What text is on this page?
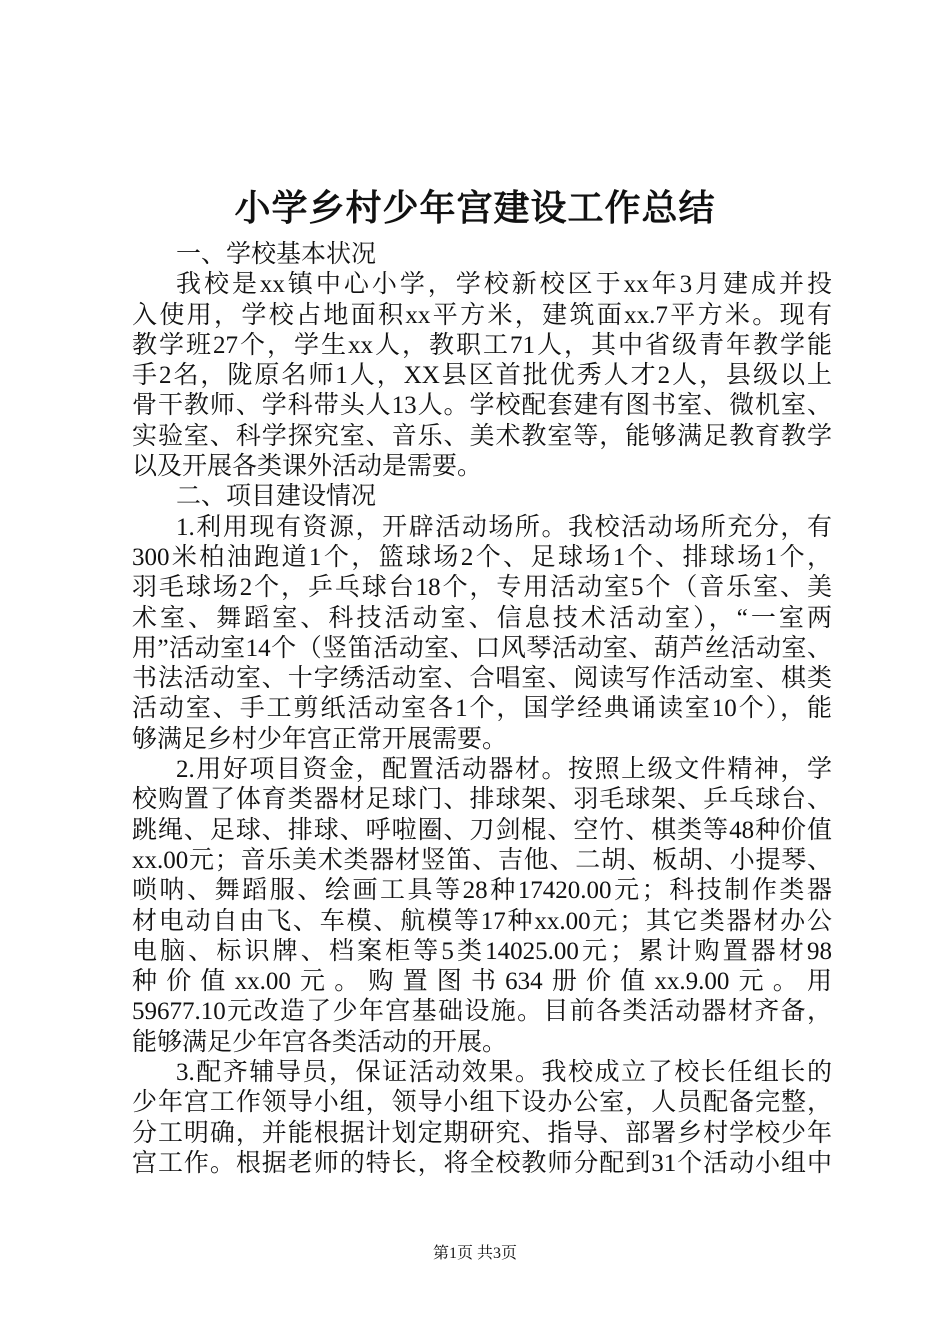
小学乡村少年宫建设工作总结
一、学校基本状况
我校是xx镇中心小学，学校新校区于xx年3月建成并投
入使用，学校占地面积xx平方米，建筑面xx.7平方米。现有
教学班27个，学生xx人，教职工71人，其中省级青年教学能
手2名，陇原名师1人，XX县区首批优秀人才2人，县级以上
骨干教师、学科带头人13人。学校配套建有图书室、微机室、
实验室、科学探究室、音乐、美术教室等，能够满足教育教学
以及开展各类课外活动是需要。
二、项目建设情况
1.利用现有资源，开辟活动场所。我校活动场所充分，有
300米柏油跑道1个，篮球场2个、足球场1个、排球场1个，
羽毛球场2个，乒乓球台18个，专用活动室5个（音乐室、美
术室、舞蹈室、科技活动室、信息技术活动室），“一室两
用”活动室14个（竖笛活动室、口风琴活动室、葫芦丝活动室、
书法活动室、十字绣活动室、合唱室、阅读写作活动室、棋类
活动室、手工剪纸活动室各1个，国学经典诵读室10个），能
够满足乡村少年宫正常开展需要。
2.用好项目资金，配置活动器材。按照上级文件精神，学
校购置了体育类器材足球门、排球架、羽毛球架、乒乓球台、
跳绳、足球、排球、呼啦圈、刀剑棍、空竹、棋类等48种价值
xx.00元；音乐美术类器材竖笛、吉他、二胡、板胡、小提琴、
唢呐、舞蹈服、绘画工具等28种17420.00元；科技制作类器
材电动自由飞、车模、航模等17种xx.00元；其它类器材办公
电脑、标识牌、档案柜等5类14025.00元；累计购置器材98
种价值xx.00元。购置图书634册价值xx.9.00元。用
59677.10元改造了少年宫基础设施。目前各类活动器材齐备，
能够满足少年宫各类活动的开展。
3.配齐辅导员，保证活动效果。我校成立了校长任组长的
少年宫工作领导小组，领导小组下设办公室，人员配备完整，
分工明确，并能根据计划定期研究、指导、部署乡村学校少年
宫工作。根据老师的特长，将全校教师分配到31个活动小组中
第1页 共3页
